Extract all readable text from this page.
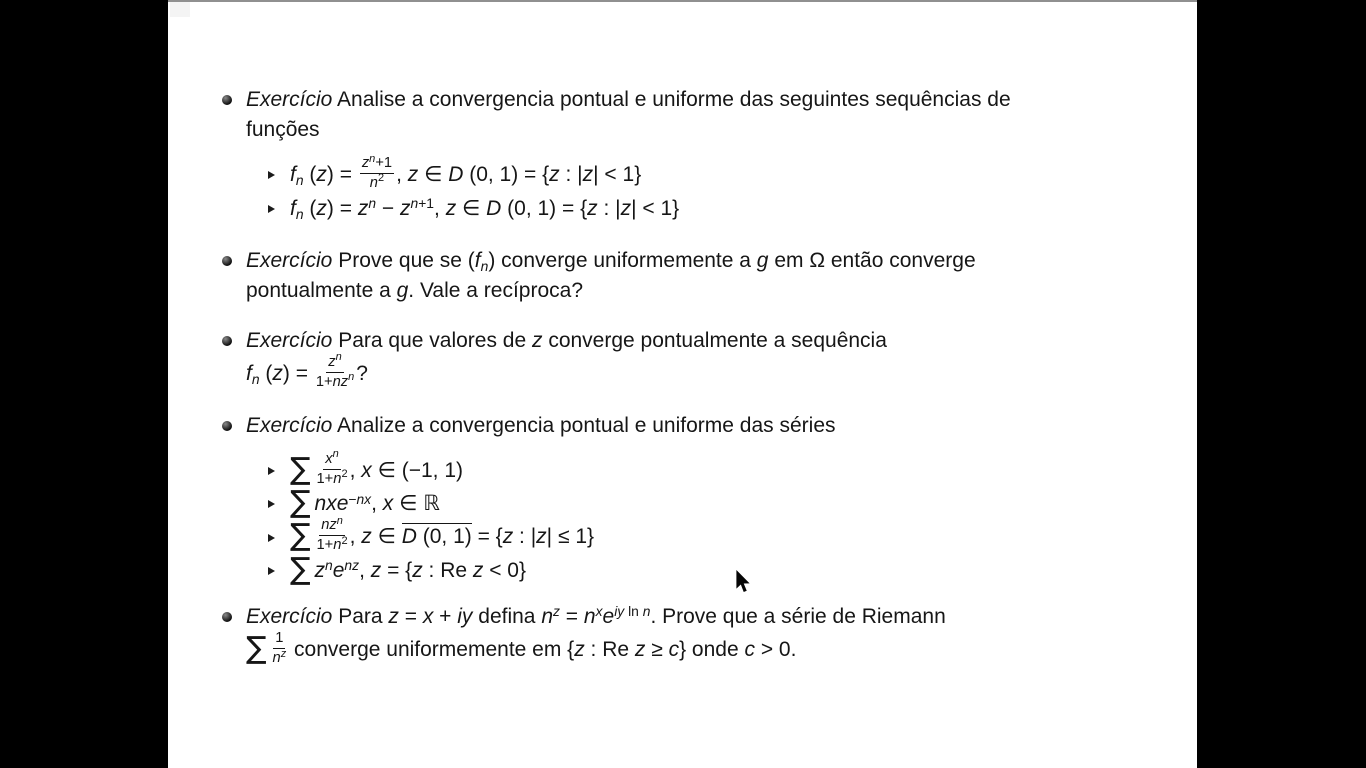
Exercício Analise a convergencia pontual e uniforme das seguintes sequências de
funções
fn $(z) = \frac{zn+1}{n2}$ , z ∈ D (0, 1) = {z : |z| < 1}
fn (z) = zn − zn+1, z ∈ D (0, 1) = {z : |z| < 1}
Exercício Prove que se (fn) converge uniformemente a g em Ω então converge
pontualmente a g. Vale a recíproca?
Exercício Para que valores de z converge pontualmente a sequência
fn $(z) = \frac{zn}{\text{1+nzn}}$ ?
Exercício Analize a convergencia pontual e uniforme das séries
∑ $\frac{xn}{1+n2}$ , x ∈ (−1, 1)
∑ nxe−nx, x ∈ ℝ
∑ $\frac{\text{nzn}}{1+n2}$ , z ∈ D (0, 1) = {z : |z| ≤ 1}
∑ znenz, z = {z : Re z < 0}
Exercício Para z = x + iy defina nz = nxeiy ln n. Prove que a série de Riemann
∑ $\frac{1}{nz}$ converge uniformemente em {z : Re z ≥ c} onde c > 0.
